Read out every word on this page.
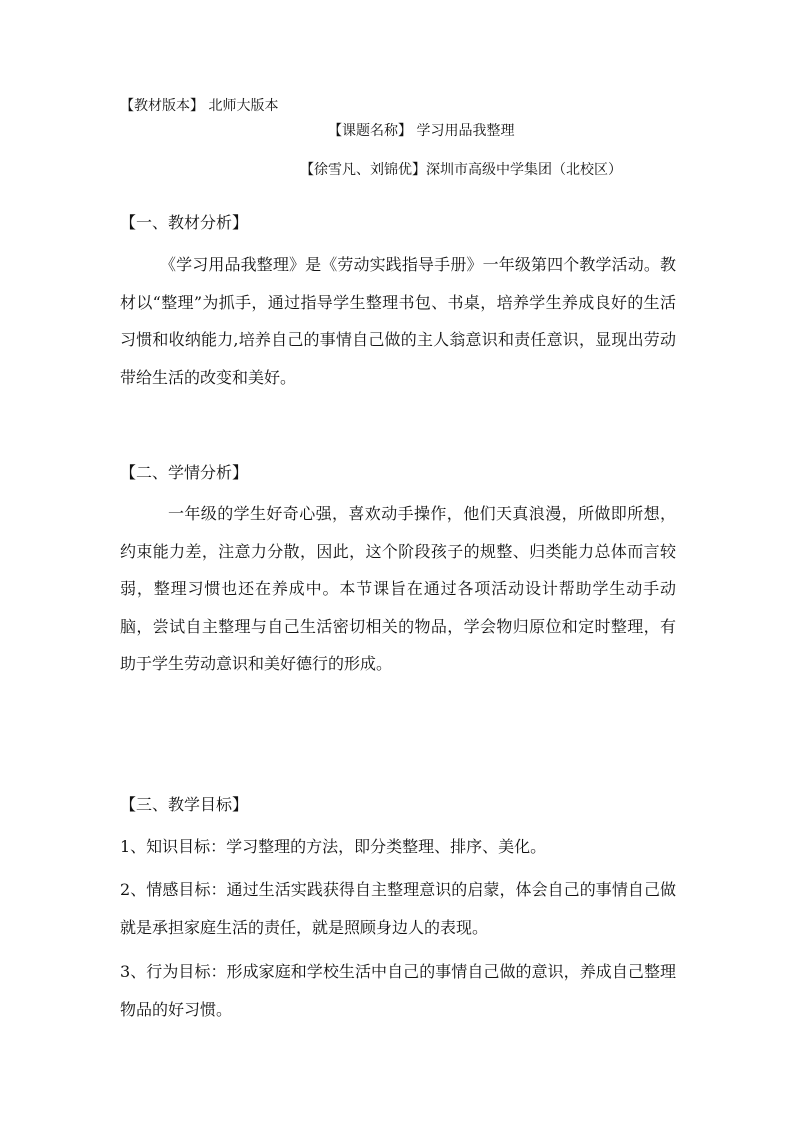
【教材版本】 北师大版本
【课题名称】 学习用品我整理
【徐雪凡、刘锦优】深圳市高级中学集团（北校区）
【一、教材分析】
《学习用品我整理》是《劳动实践指导手册》一年级第四个教学活动。教材以“整理”为抓手，通过指导学生整理书包、书桌，培养学生养成良好的生活习惯和收纳能力,培养自己的事情自己做的主人翁意识和责任意识，显现出劳动带给生活的改变和美好。
【二、学情分析】
一年级的学生好奇心强，喜欢动手操作，他们天真浪漫，所做即所想，约束能力差，注意力分散，因此，这个阶段孩子的规整、归类能力总体而言较弱，整理习惯也还在养成中。本节课旨在通过各项活动设计帮助学生动手动脑，尝试自主整理与自己生活密切相关的物品，学会物归原位和定时整理，有助于学生劳动意识和美好德行的形成。
【三、教学目标】
1、知识目标：学习整理的方法，即分类整理、排序、美化。
2、情感目标：通过生活实践获得自主整理意识的启蒙，体会自己的事情自己做就是承担家庭生活的责任，就是照顾身边人的表现。
3、行为目标：形成家庭和学校生活中自己的事情自己做的意识，养成自己整理物品的好习惯。
